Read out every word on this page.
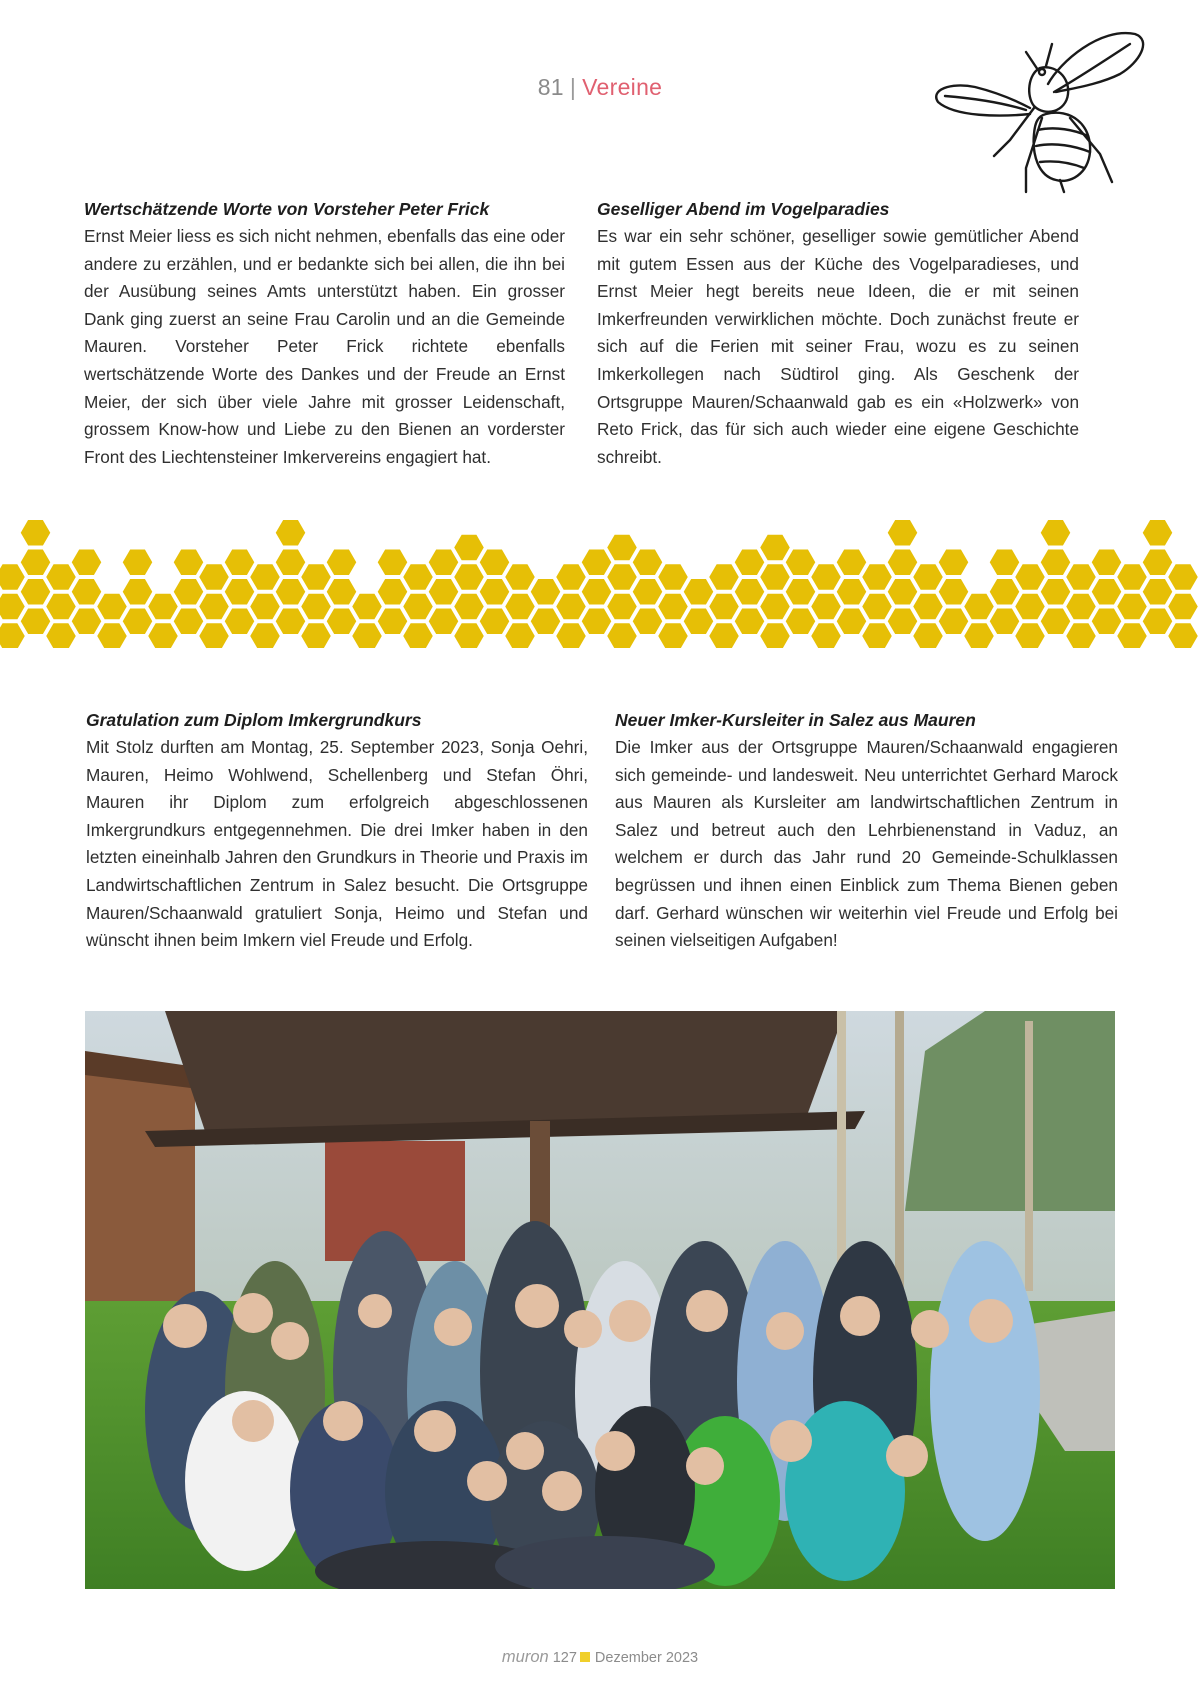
81 | Vereine
Wertschätzende Worte von Vorsteher Peter Frick

Ernst Meier liess es sich nicht nehmen, ebenfalls das eine oder andere zu erzählen, und er bedankte sich bei allen, die ihn bei der Ausübung seines Amts unterstützt haben. Ein grosser Dank ging zuerst an seine Frau Carolin und an die Gemeinde Mauren. Vorsteher Peter Frick richtete ebenfalls wertschätzende Worte des Dankes und der Freude an Ernst Meier, der sich über viele Jahre mit grosser Leidenschaft, grossem Know-how und Liebe zu den Bienen an vorderster Front des Liechtensteiner Imkervereins engagiert hat.

Geselliger Abend im Vogelparadies

Es war ein sehr schöner, geselliger sowie gemütlicher Abend mit gutem Essen aus der Küche des Vogelparadieses, und Ernst Meier hegt bereits neue Ideen, die er mit seinen Imkerfreunden verwirklichen möchte. Doch zunächst freute er sich auf die Ferien mit seiner Frau, wozu es zu seinen Imkerkollegen nach Südtirol ging. Als Geschenk der Ortsgruppe Mauren/Schaanwald gab es ein «Holzwerk» von Reto Frick, das für sich auch wieder eine eigene Geschichte schreibt.

Gratulation zum Diplom Imkergrundkurs

Mit Stolz durften am Montag, 25. September 2023, Sonja Oehri, Mauren, Heimo Wohlwend, Schellenberg und Stefan Öhri, Mauren ihr Diplom zum erfolgreich abgeschlossenen Imkergrundkurs entgegennehmen. Die drei Imker haben in den letzten eineinhalb Jahren den Grundkurs in Theorie und Praxis im Landwirtschaftlichen Zentrum in Salez besucht. Die Ortsgruppe Mauren/Schaanwald gratuliert Sonja, Heimo und Stefan und wünscht ihnen beim Imkern viel Freude und Erfolg.

Neuer Imker-Kursleiter in Salez aus Mauren

Die Imker aus der Ortsgruppe Mauren/Schaanwald engagieren sich gemeinde- und landesweit. Neu unterrichtet Gerhard Marock aus Mauren als Kursleiter am landwirtschaftlichen Zentrum in Salez und betreut auch den Lehrbienenstand in Vaduz, an welchem er durch das Jahr rund 20 Gemeinde-Schulklassen begrüssen und ihnen einen Einblick zum Thema Bienen geben darf. Gerhard wünschen wir weiterhin viel Freude und Erfolg bei seinen vielseitigen Aufgaben!

muron 127 Dezember 2023
